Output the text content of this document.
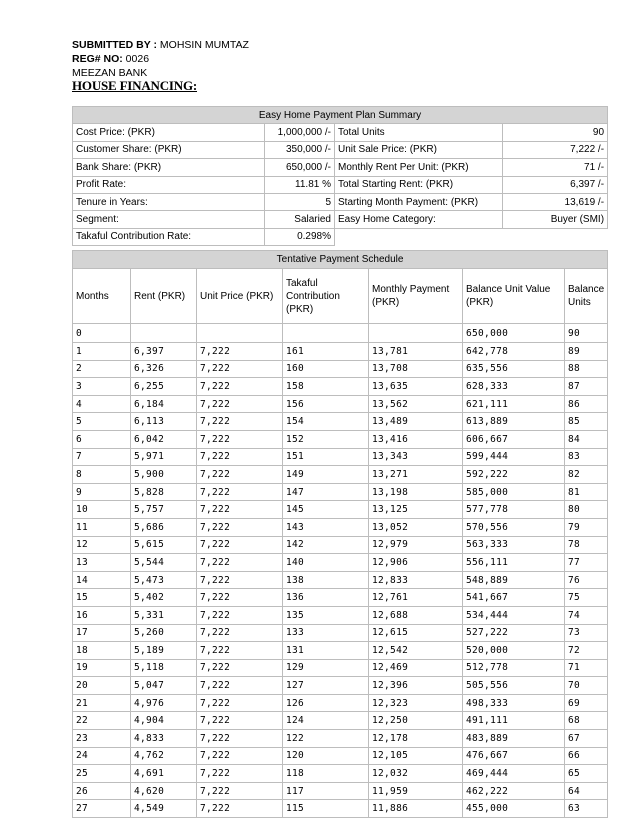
SUBMITTED BY : MOHSIN MUMTAZ
REG# NO: 0026
MEEZAN BANK
HOUSE FINANCING:
Easy Home Payment Plan Summary			
Cost Price: (PKR)	1,000,000 /-	Total Units	90
Customer Share: (PKR)	350,000 /-	Unit Sale Price: (PKR)	7,222 /-
Bank Share: (PKR)	650,000 /-	Monthly Rent Per Unit: (PKR)	71 /-
Profit Rate:	11.81 %	Total Starting Rent: (PKR)	6,397 /-
Tenure in Years:	5	Starting Month Payment: (PKR)	13,619 /-
Segment:	Salaried	Easy Home Category:	Buyer (SMI)
Takaful Contribution Rate:	0.298%		
Tentative Payment Schedule						
Months	Rent (PKR)	Unit Price (PKR)	Takaful Contribution (PKR)	Monthly Payment (PKR)	Balance Unit Value (PKR)	Balance Units
0					650,000	90
1	6,397	7,222	161	13,781	642,778	89
2	6,326	7,222	160	13,708	635,556	88
3	6,255	7,222	158	13,635	628,333	87
4	6,184	7,222	156	13,562	621,111	86
5	6,113	7,222	154	13,489	613,889	85
6	6,042	7,222	152	13,416	606,667	84
7	5,971	7,222	151	13,343	599,444	83
8	5,900	7,222	149	13,271	592,222	82
9	5,828	7,222	147	13,198	585,000	81
10	5,757	7,222	145	13,125	577,778	80
11	5,686	7,222	143	13,052	570,556	79
12	5,615	7,222	142	12,979	563,333	78
13	5,544	7,222	140	12,906	556,111	77
14	5,473	7,222	138	12,833	548,889	76
15	5,402	7,222	136	12,761	541,667	75
16	5,331	7,222	135	12,688	534,444	74
17	5,260	7,222	133	12,615	527,222	73
18	5,189	7,222	131	12,542	520,000	72
19	5,118	7,222	129	12,469	512,778	71
20	5,047	7,222	127	12,396	505,556	70
21	4,976	7,222	126	12,323	498,333	69
22	4,904	7,222	124	12,250	491,111	68
23	4,833	7,222	122	12,178	483,889	67
24	4,762	7,222	120	12,105	476,667	66
25	4,691	7,222	118	12,032	469,444	65
26	4,620	7,222	117	11,959	462,222	64
27	4,549	7,222	115	11,886	455,000	63
